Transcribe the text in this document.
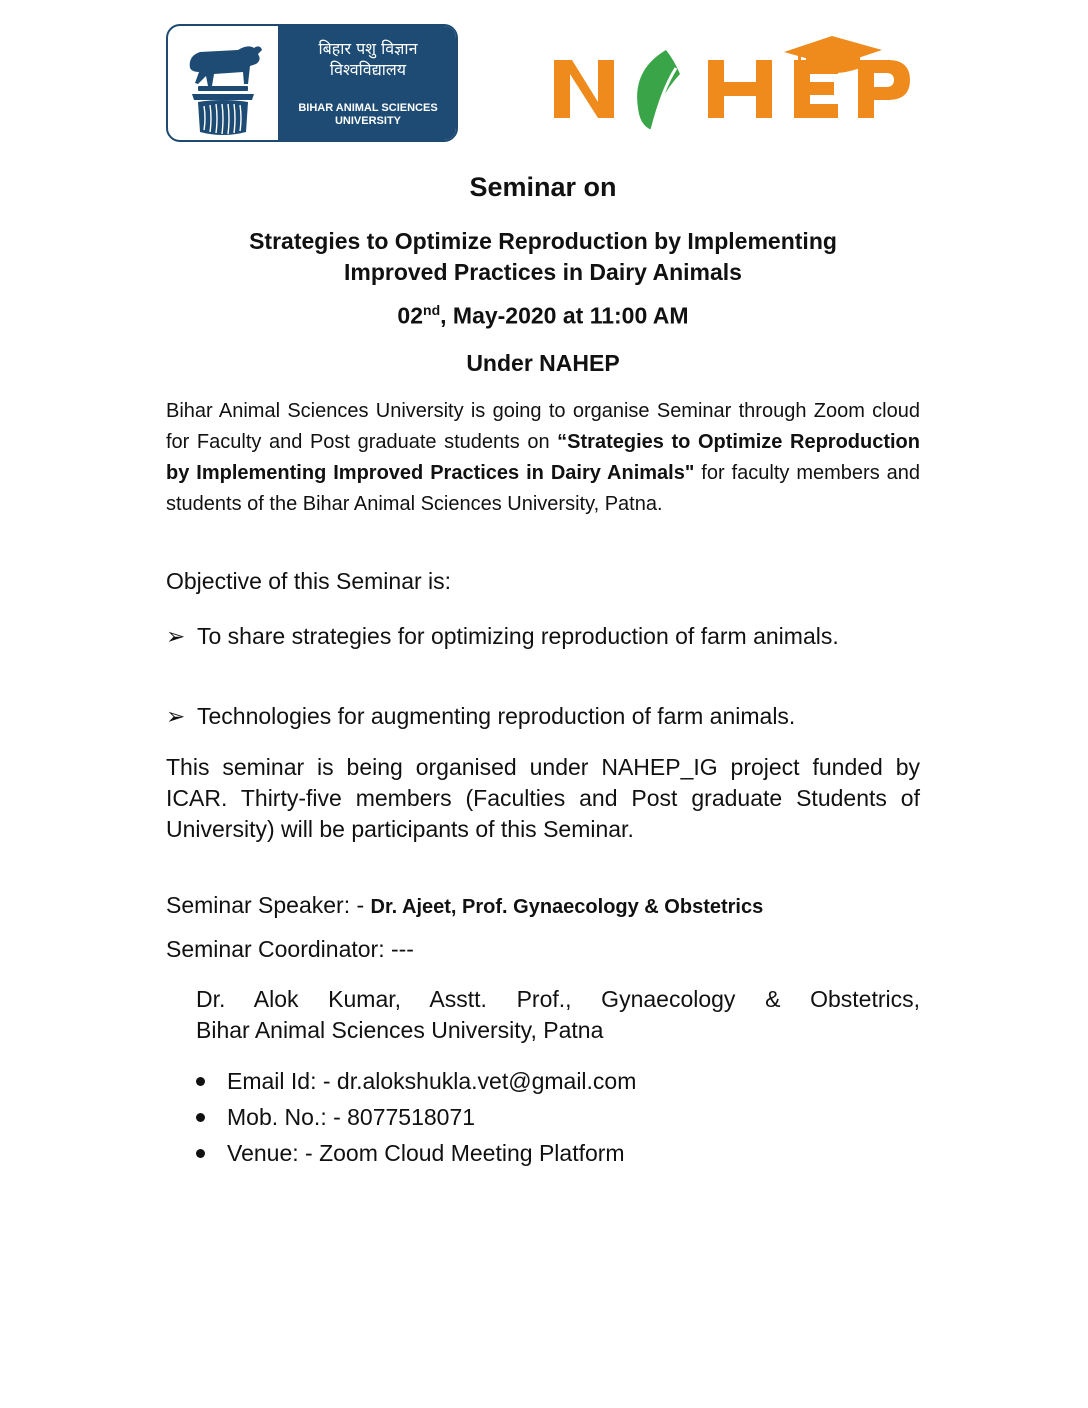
बिहार पशु विज्ञान
विश्वविद्यालय
BIHAR ANIMAL SCIENCES
UNIVERSITY
Seminar on
Strategies to Optimize Reproduction by Implementing
Improved Practices in Dairy Animals
02nd, May-2020 at 11:00 AM
Under NAHEP
Bihar Animal Sciences University is going to organise Seminar through Zoom cloud for Faculty and Post graduate students on “Strategies to Optimize Reproduction by Implementing Improved Practices in Dairy Animals" for faculty members and students of the Bihar Animal Sciences University, Patna.
Objective of this Seminar is:
➢ To share strategies for optimizing reproduction of farm animals.
➢ Technologies for augmenting reproduction of farm animals.
This seminar is being organised under NAHEP_IG project funded by ICAR. Thirty-five members (Faculties and Post graduate Students of University) will be participants of this Seminar.
Seminar Speaker: - Dr. Ajeet, Prof. Gynaecology & Obstetrics
Seminar Coordinator: ---
Dr. Alok Kumar, Asstt. Prof., Gynaecology & Obstetrics,
Bihar Animal Sciences University, Patna
Email Id: - dr.alokshukla.vet@gmail.com
Mob. No.: - 8077518071
Venue: - Zoom Cloud Meeting Platform
